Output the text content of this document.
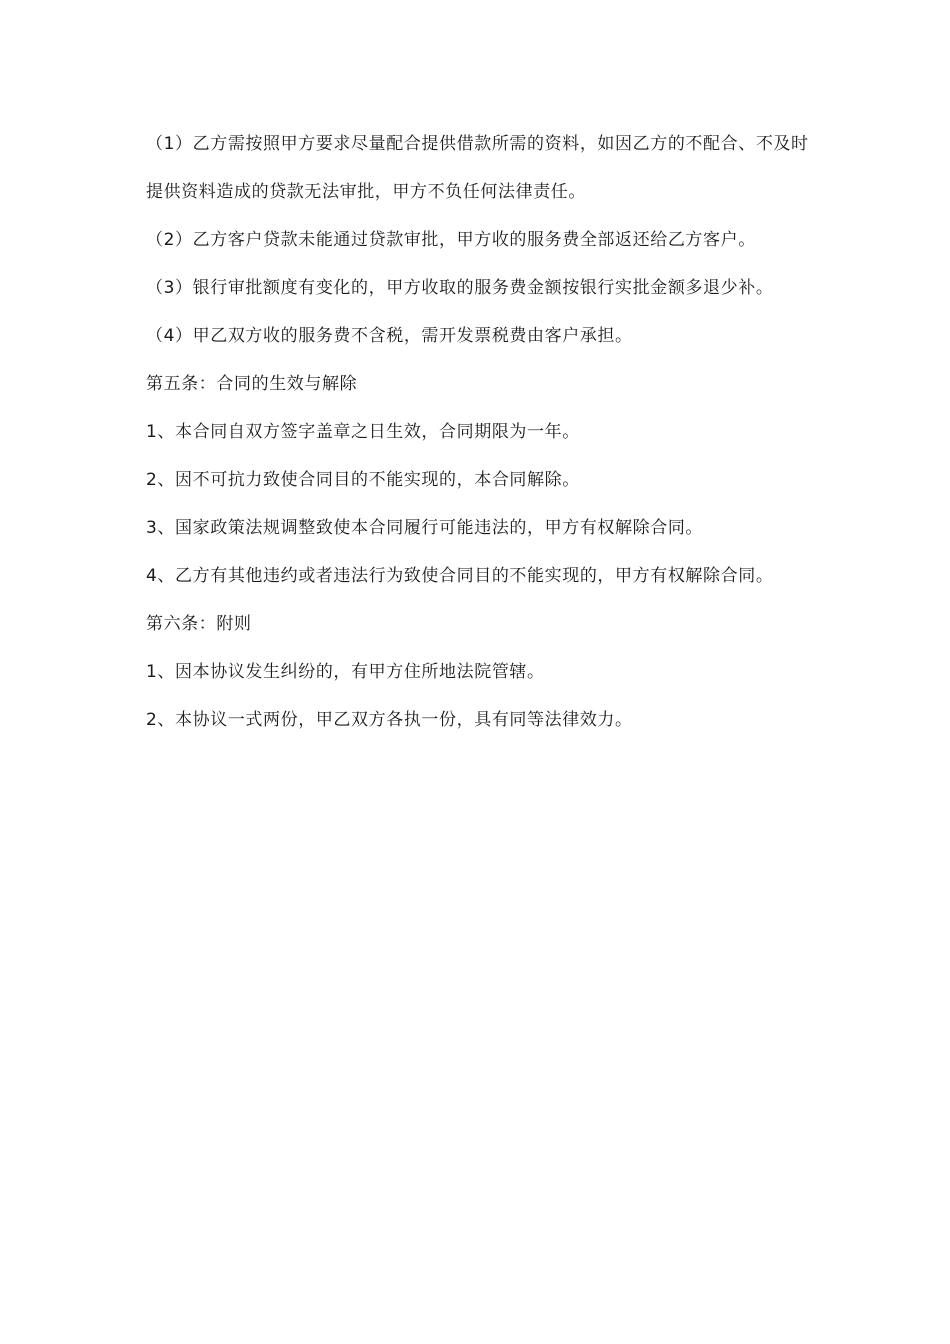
（1）乙方需按照甲方要求尽量配合提供借款所需的资料，如因乙方的不配合、不及时提供资料造成的贷款无法审批，甲方不负任何法律责任。

（2）乙方客户贷款未能通过贷款审批，甲方收的服务费全部返还给乙方客户。

（3）银行审批额度有变化的，甲方收取的服务费金额按银行实批金额多退少补。

（4）甲乙双方收的服务费不含税，需开发票税费由客户承担。

第五条：合同的生效与解除

1、本合同自双方签字盖章之日生效，合同期限为一年。

2、因不可抗力致使合同目的不能实现的，本合同解除。

3、国家政策法规调整致使本合同履行可能违法的，甲方有权解除合同。

4、乙方有其他违约或者违法行为致使合同目的不能实现的，甲方有权解除合同。

第六条：附则

1、因本协议发生纠纷的，有甲方住所地法院管辖。

2、本协议一式两份，甲乙双方各执一份，具有同等法律效力。
